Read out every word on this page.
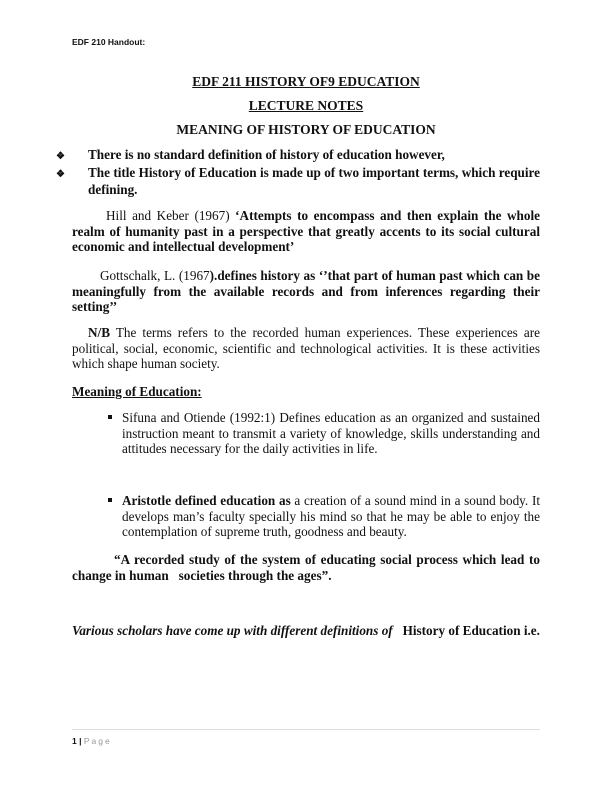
EDF 210 Handout:
EDF 211 HISTORY OF9 EDUCATION
LECTURE NOTES
MEANING OF HISTORY OF EDUCATION
❖ There is no standard definition of history of education however,
❖ The title History of Education is made up of two important terms, which require defining.
Hill and Keber (1967) ‘Attempts to encompass and then explain the whole realm of humanity past in a perspective that greatly accents to its social cultural economic and intellectual development’
Gottschalk, L. (1967).defines history as ‘’that part of human past which can be meaningfully from the available records and from inferences regarding their setting’’
N/B The terms refers to the recorded human experiences. These experiences are political, social, economic, scientific and technological activities. It is these activities which shape human society.
Meaning of Education:
Sifuna and Otiende (1992:1) Defines education as an organized and sustained instruction meant to transmit a variety of knowledge, skills understanding and attitudes necessary for the daily activities in life.
Aristotle defined education as a creation of a sound mind in a sound body. It develops man’s faculty specially his mind so that he may be able to enjoy the contemplation of supreme truth, goodness and beauty.
“A recorded study of the system of educating social process which lead to change in human   societies through the ages”.
Various scholars have come up with different definitions of   History of Education i.e.
1 | Page
